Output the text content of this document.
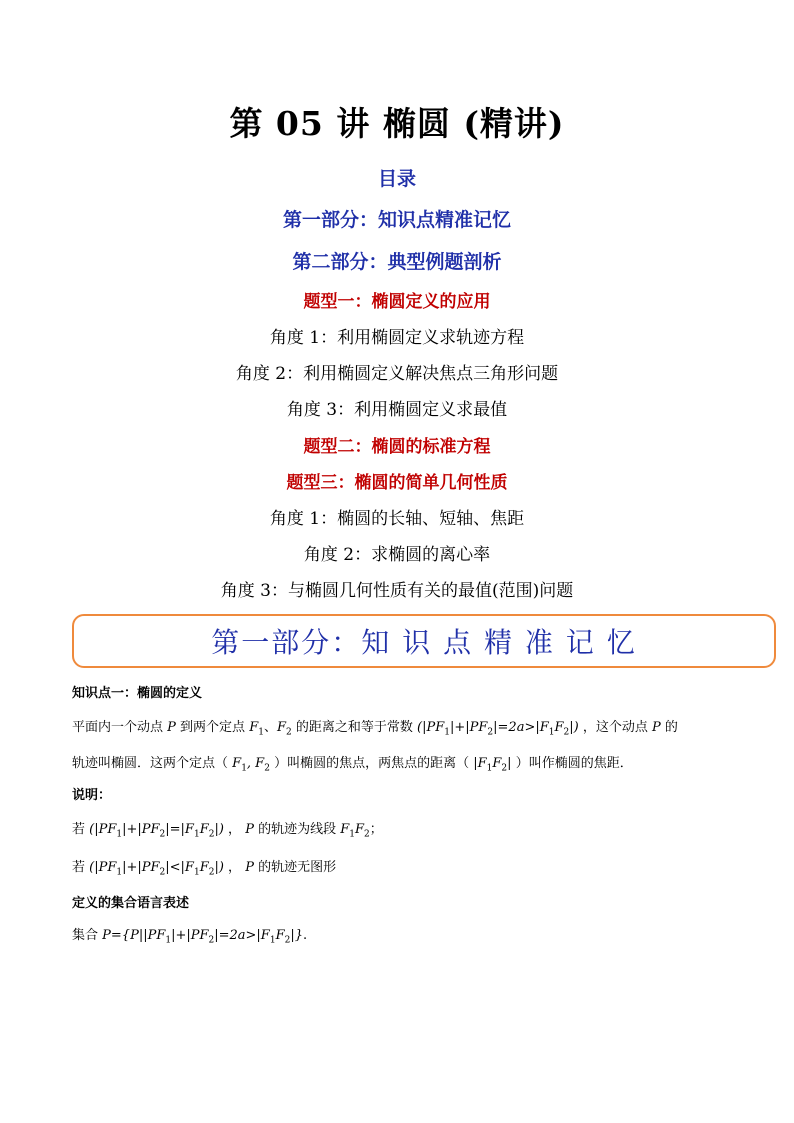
第 05 讲 椭圆 (精讲)
目录
第一部分：知识点精准记忆
第二部分：典型例题剖析
题型一：椭圆定义的应用
角度 1：利用椭圆定义求轨迹方程
角度 2：利用椭圆定义解决焦点三角形问题
角度 3：利用椭圆定义求最值
题型二：椭圆的标准方程
题型三：椭圆的简单几何性质
角度 1：椭圆的长轴、短轴、焦距
角度 2：求椭圆的离心率
角度 3：与椭圆几何性质有关的最值(范围)问题
第一部分：知 识 点 精 准 记 忆
知识点一：椭圆的定义
平面内一个动点 P 到两个定点 $F_1$、$F_2$ 的距离之和等于常数 $(|PF_1|+|PF_2|=2a>|F_1F_2|)$ ，这个动点 P 的
轨迹叫椭圆．这两个定点（ $F_1$, $F_2$ ）叫椭圆的焦点，两焦点的距离（ $|F_1F_2|$ ）叫作椭圆的焦距．
说明：
若 $(|PF_1|+|PF_2|=|F_1F_2|)$ ， P 的轨迹为线段 $F_1F_2$；
若 $(|PF_1|+|PF_2|<|F_1F_2|)$ ， P 的轨迹无图形
定义的集合语言表述
集合 $P=\{P||PF_1|+|PF_2|=2a>|F_1F_2|\}$.
